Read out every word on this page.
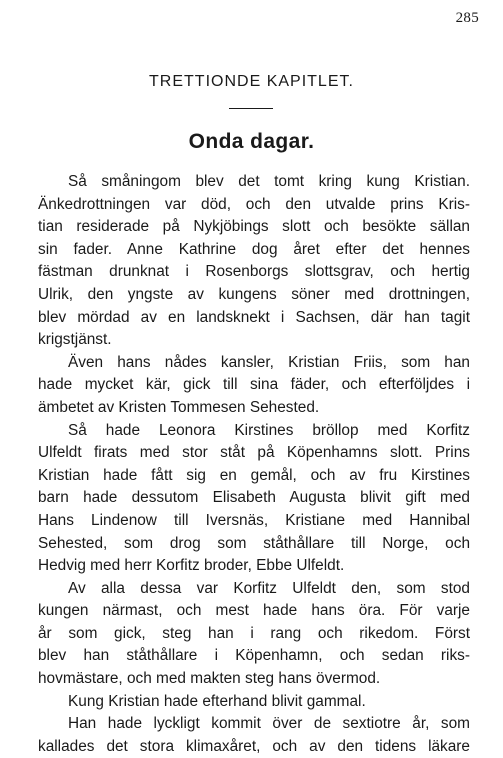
285
TRETTIONDE KAPITLET.
Onda dagar.
Så småningom blev det tomt kring kung Kristian.
Änkedrottningen var död, och den utvalde prins Kris-
tian residerade på Nykjöbings slott och besökte sällan
sin fader. Anne Kathrine dog året efter det hennes
fästman drunknat i Rosenborgs slottsgrav, och hertig
Ulrik, den yngste av kungens söner med drottningen,
blev mördad av en landsknekt i Sachsen, där han tagit
krigstjänst.
Även hans nådes kansler, Kristian Friis, som han
hade mycket kär, gick till sina fäder, och efterföljdes i
ämbetet av Kristen Tommesen Sehested.
Så hade Leonora Kirstines bröllop med Korfitz
Ulfeldt firats med stor ståt på Köpenhamns slott. Prins
Kristian hade fått sig en gemål, och av fru Kirstines
barn hade dessutom Elisabeth Augusta blivit gift med
Hans Lindenow till Iversnäs, Kristiane med Hannibal
Sehested, som drog som ståthållare till Norge, och
Hedvig med herr Korfitz broder, Ebbe Ulfeldt.
Av alla dessa var Korfitz Ulfeldt den, som stod
kungen närmast, och mest hade hans öra. För varje
år som gick, steg han i rang och rikedom. Först
blev han ståthållare i Köpenhamn, och sedan riks-
hovmästare, och med makten steg hans övermod.
Kung Kristian hade efterhand blivit gammal.
Han hade lyckligt kommit över de sextiotre år, som
kallades det stora klimaxåret, och av den tidens läkare
